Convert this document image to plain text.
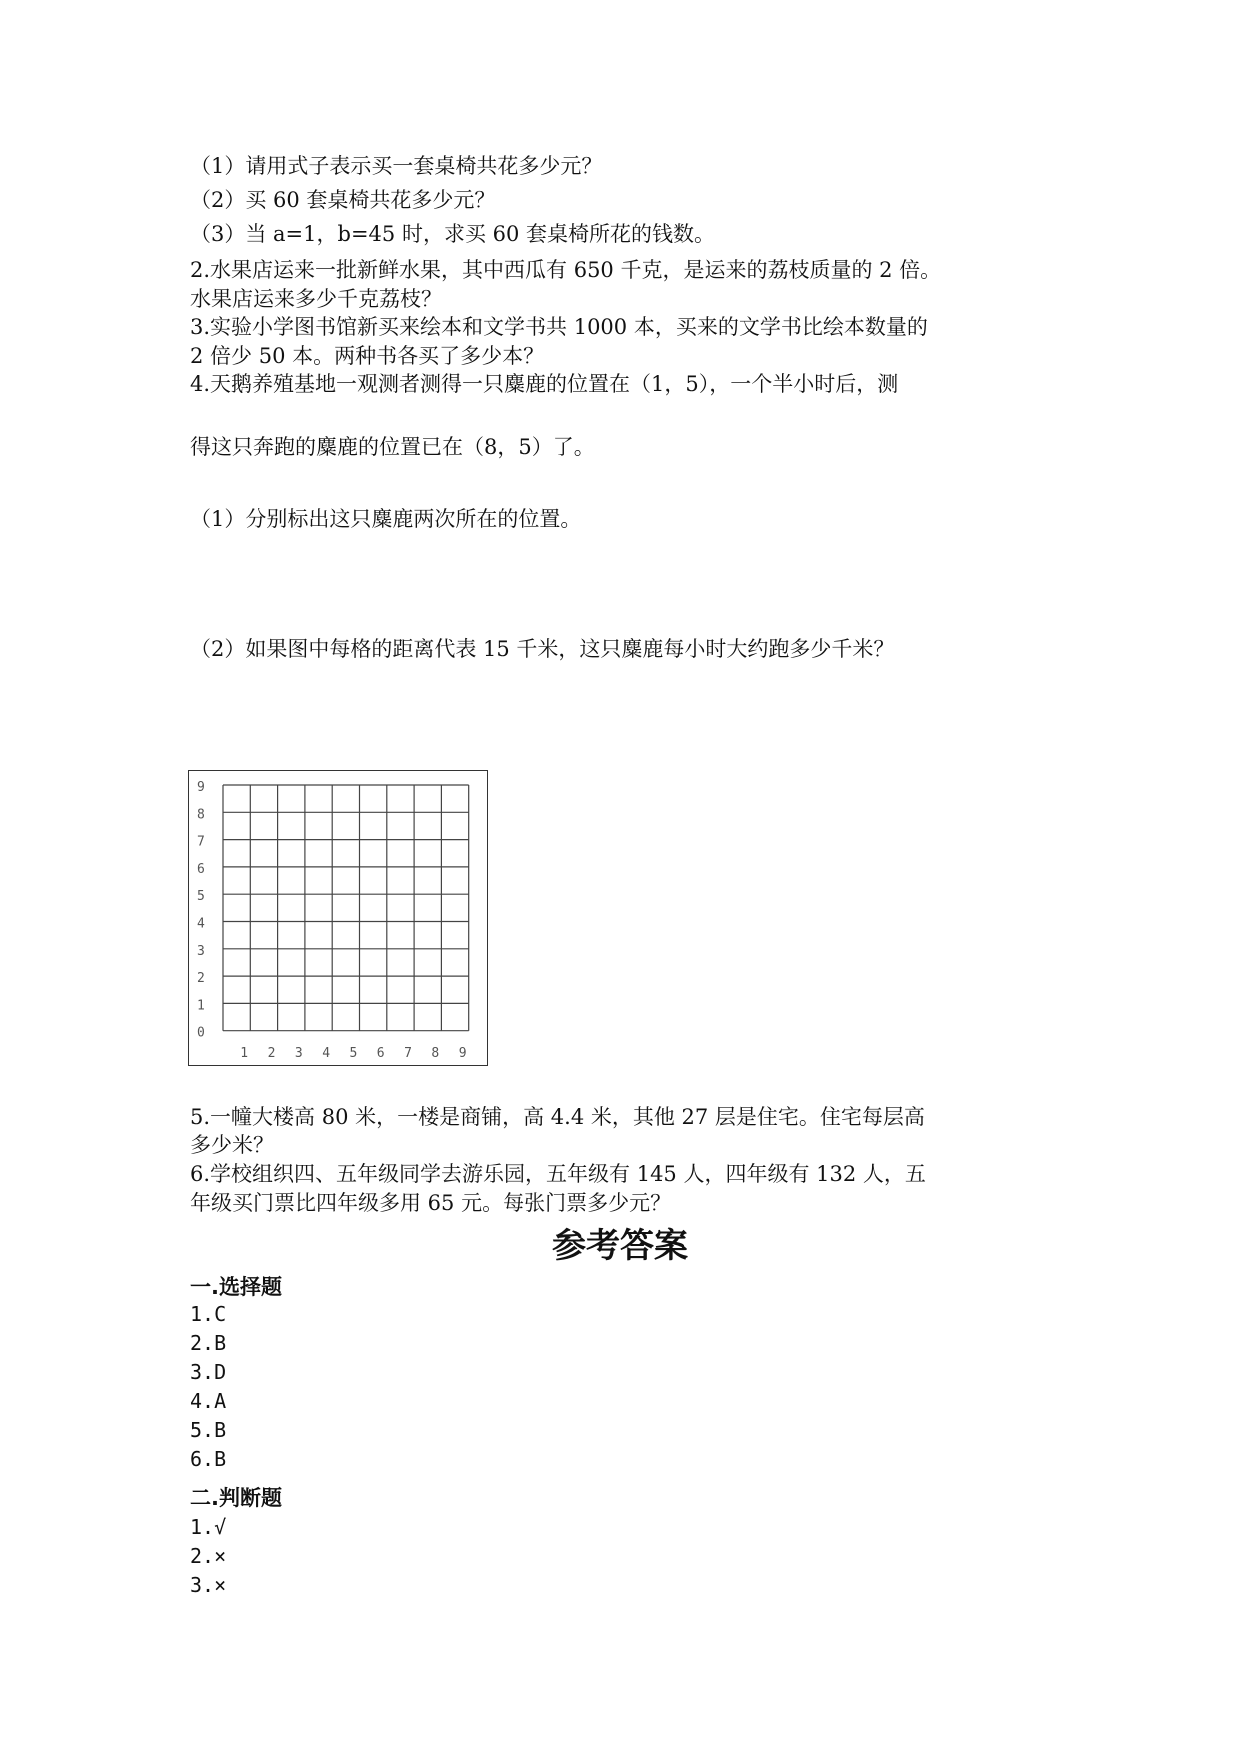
（1）请用式子表示买一套桌椅共花多少元？
（2）买 60 套桌椅共花多少元？
（3）当 a=1，b=45 时，求买 60 套桌椅所花的钱数。
2.水果店运来一批新鲜水果，其中西瓜有 650 千克，是运来的荔枝质量的 2 倍。
水果店运来多少千克荔枝？
3.实验小学图书馆新买来绘本和文学书共 1000 本，买来的文学书比绘本数量的
2 倍少 50 本。两种书各买了多少本？
4.天鹅养殖基地一观测者测得一只麋鹿的位置在（1，5），一个半小时后，测
得这只奔跑的麋鹿的位置已在（8，5）了。
（1）分别标出这只麋鹿两次所在的位置。
（2）如果图中每格的距离代表 15 千米，这只麋鹿每小时大约跑多少千米？
9
8
7
6
5
4
3
2
1
0
1 2 3 4 5 6 7 8 9
5.一幢大楼高 80 米，一楼是商铺，高 4.4 米，其他 27 层是住宅。住宅每层高
多少米？
6.学校组织四、五年级同学去游乐园，五年级有 145 人，四年级有 132 人，五
年级买门票比四年级多用 65 元。每张门票多少元？
参考答案
一.选择题
1.C
2.B
3.D
4.A
5.B
6.B
二.判断题
1.√
2.×
3.×
